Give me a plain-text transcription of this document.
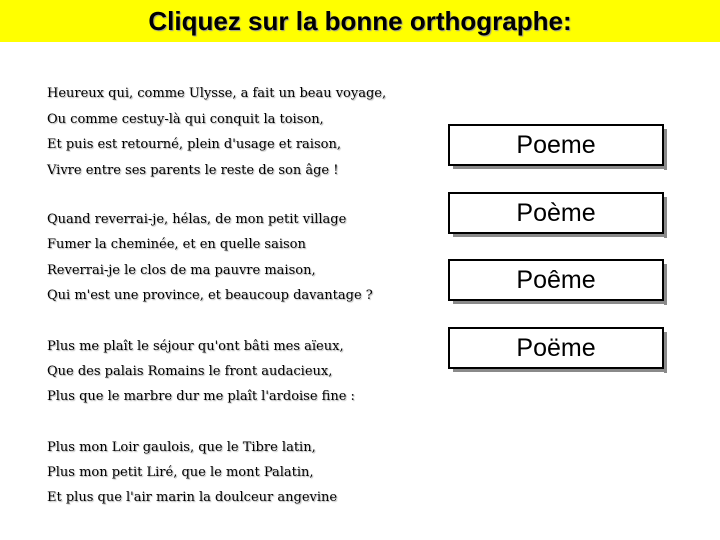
Cliquez sur la bonne orthographe:
Heureux qui, comme Ulysse, a fait un beau voyage,
Ou comme cestuy-là qui conquit la toison,
Et puis est retourné, plein d'usage et raison,
Vivre entre ses parents le reste de son âge !
Quand reverrai-je, hélas, de mon petit village
Fumer la cheminée, et en quelle saison
Reverrai-je le clos de ma pauvre maison,
Qui m'est une province, et beaucoup davantage ?
Plus me plaît le séjour qu'ont bâti mes aïeux,
Que des palais Romains le front audacieux,
Plus que le marbre dur me plaît l'ardoise fine :
Plus mon Loir gaulois, que le Tibre latin,
Plus mon petit Liré, que le mont Palatin,
Et plus que l'air marin la doulceur angevine
Poeme
Poème
Poême
Poëme
